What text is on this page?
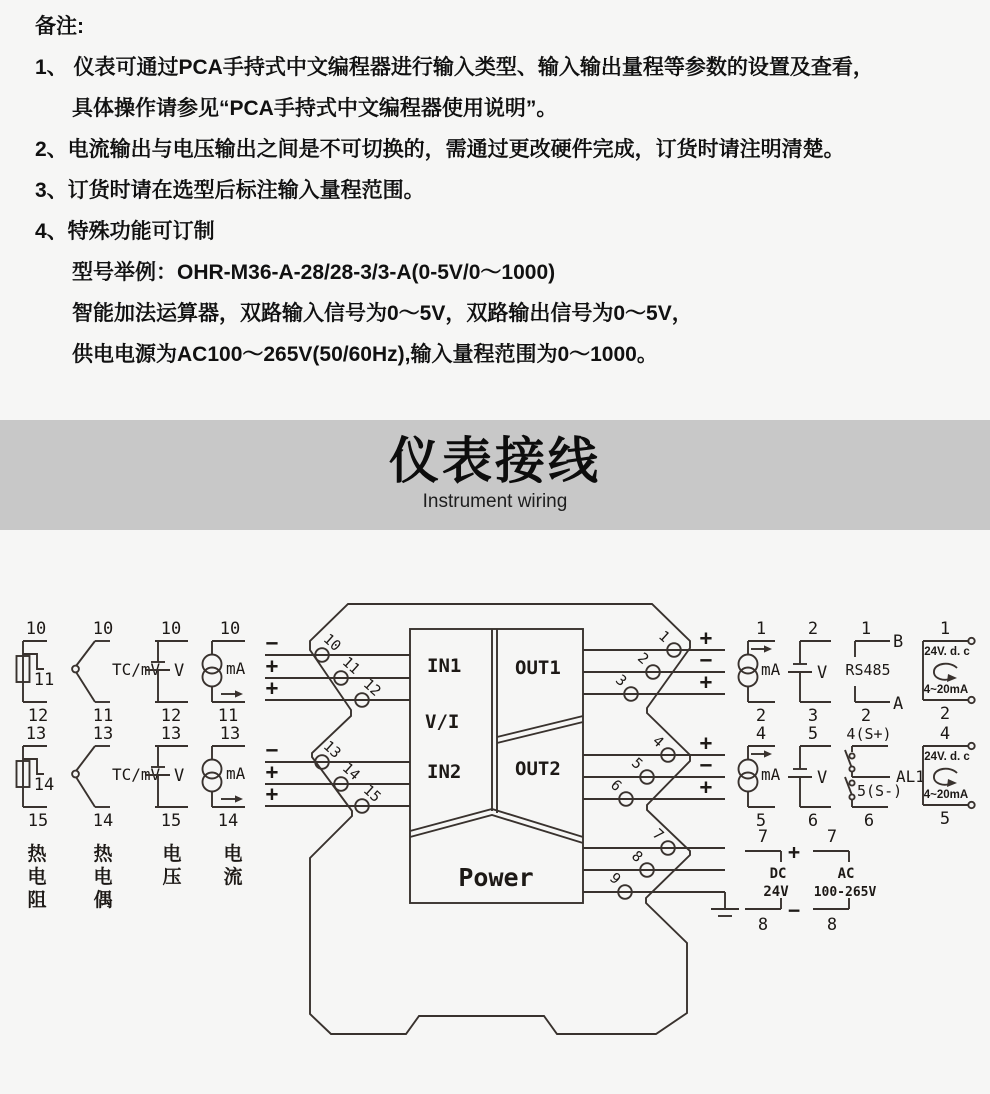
备注:
1、 仪表可通过PCA手持式中文编程器进行输入类型、输入输出量程等参数的设置及查看，
具体操作请参见“PCA手持式中文编程器使用说明”。
2、电流输出与电压输出之间是不可切换的，需通过更改硬件完成，订货时请注明清楚。
3、订货时请在选型后标注输入量程范围。
4、特殊功能可订制
型号举例：OHR-M36-A-28/28-3/3-A(0-5V/0～1000)
智能加法运算器，双路输入信号为0～5V，双路输出信号为0～5V，
供电电源为AC100～265V(50/60Hz),输入量程范围为0～1000。
仪表接线
Instrument wiring
IN1
V/I
IN2
OUT1
OUT2
Power
10
11
12
13
14
15
1
2
3
4
5
6
7
8
9
−
+
+
−
+
+
+
−
+
+
−
+
10
11
12
TC/mV
10
11
V
10
12
mA
10
11
13
14
15
TC/mV
13
14
V
13
15
mA
13
14
热
电
阻
热
电
偶
电
压
电
流
mA
1
2
V
2
3
1
B
RS485
A
2
24V. d. c
4~20mA
1
2
mA
4
5
V
5
6
4(S+)
AL1
5(S-)
6
24V. d. c
4~20mA
4
5
7
DC
24V
8
+
−
7
AC
100-265V
8
